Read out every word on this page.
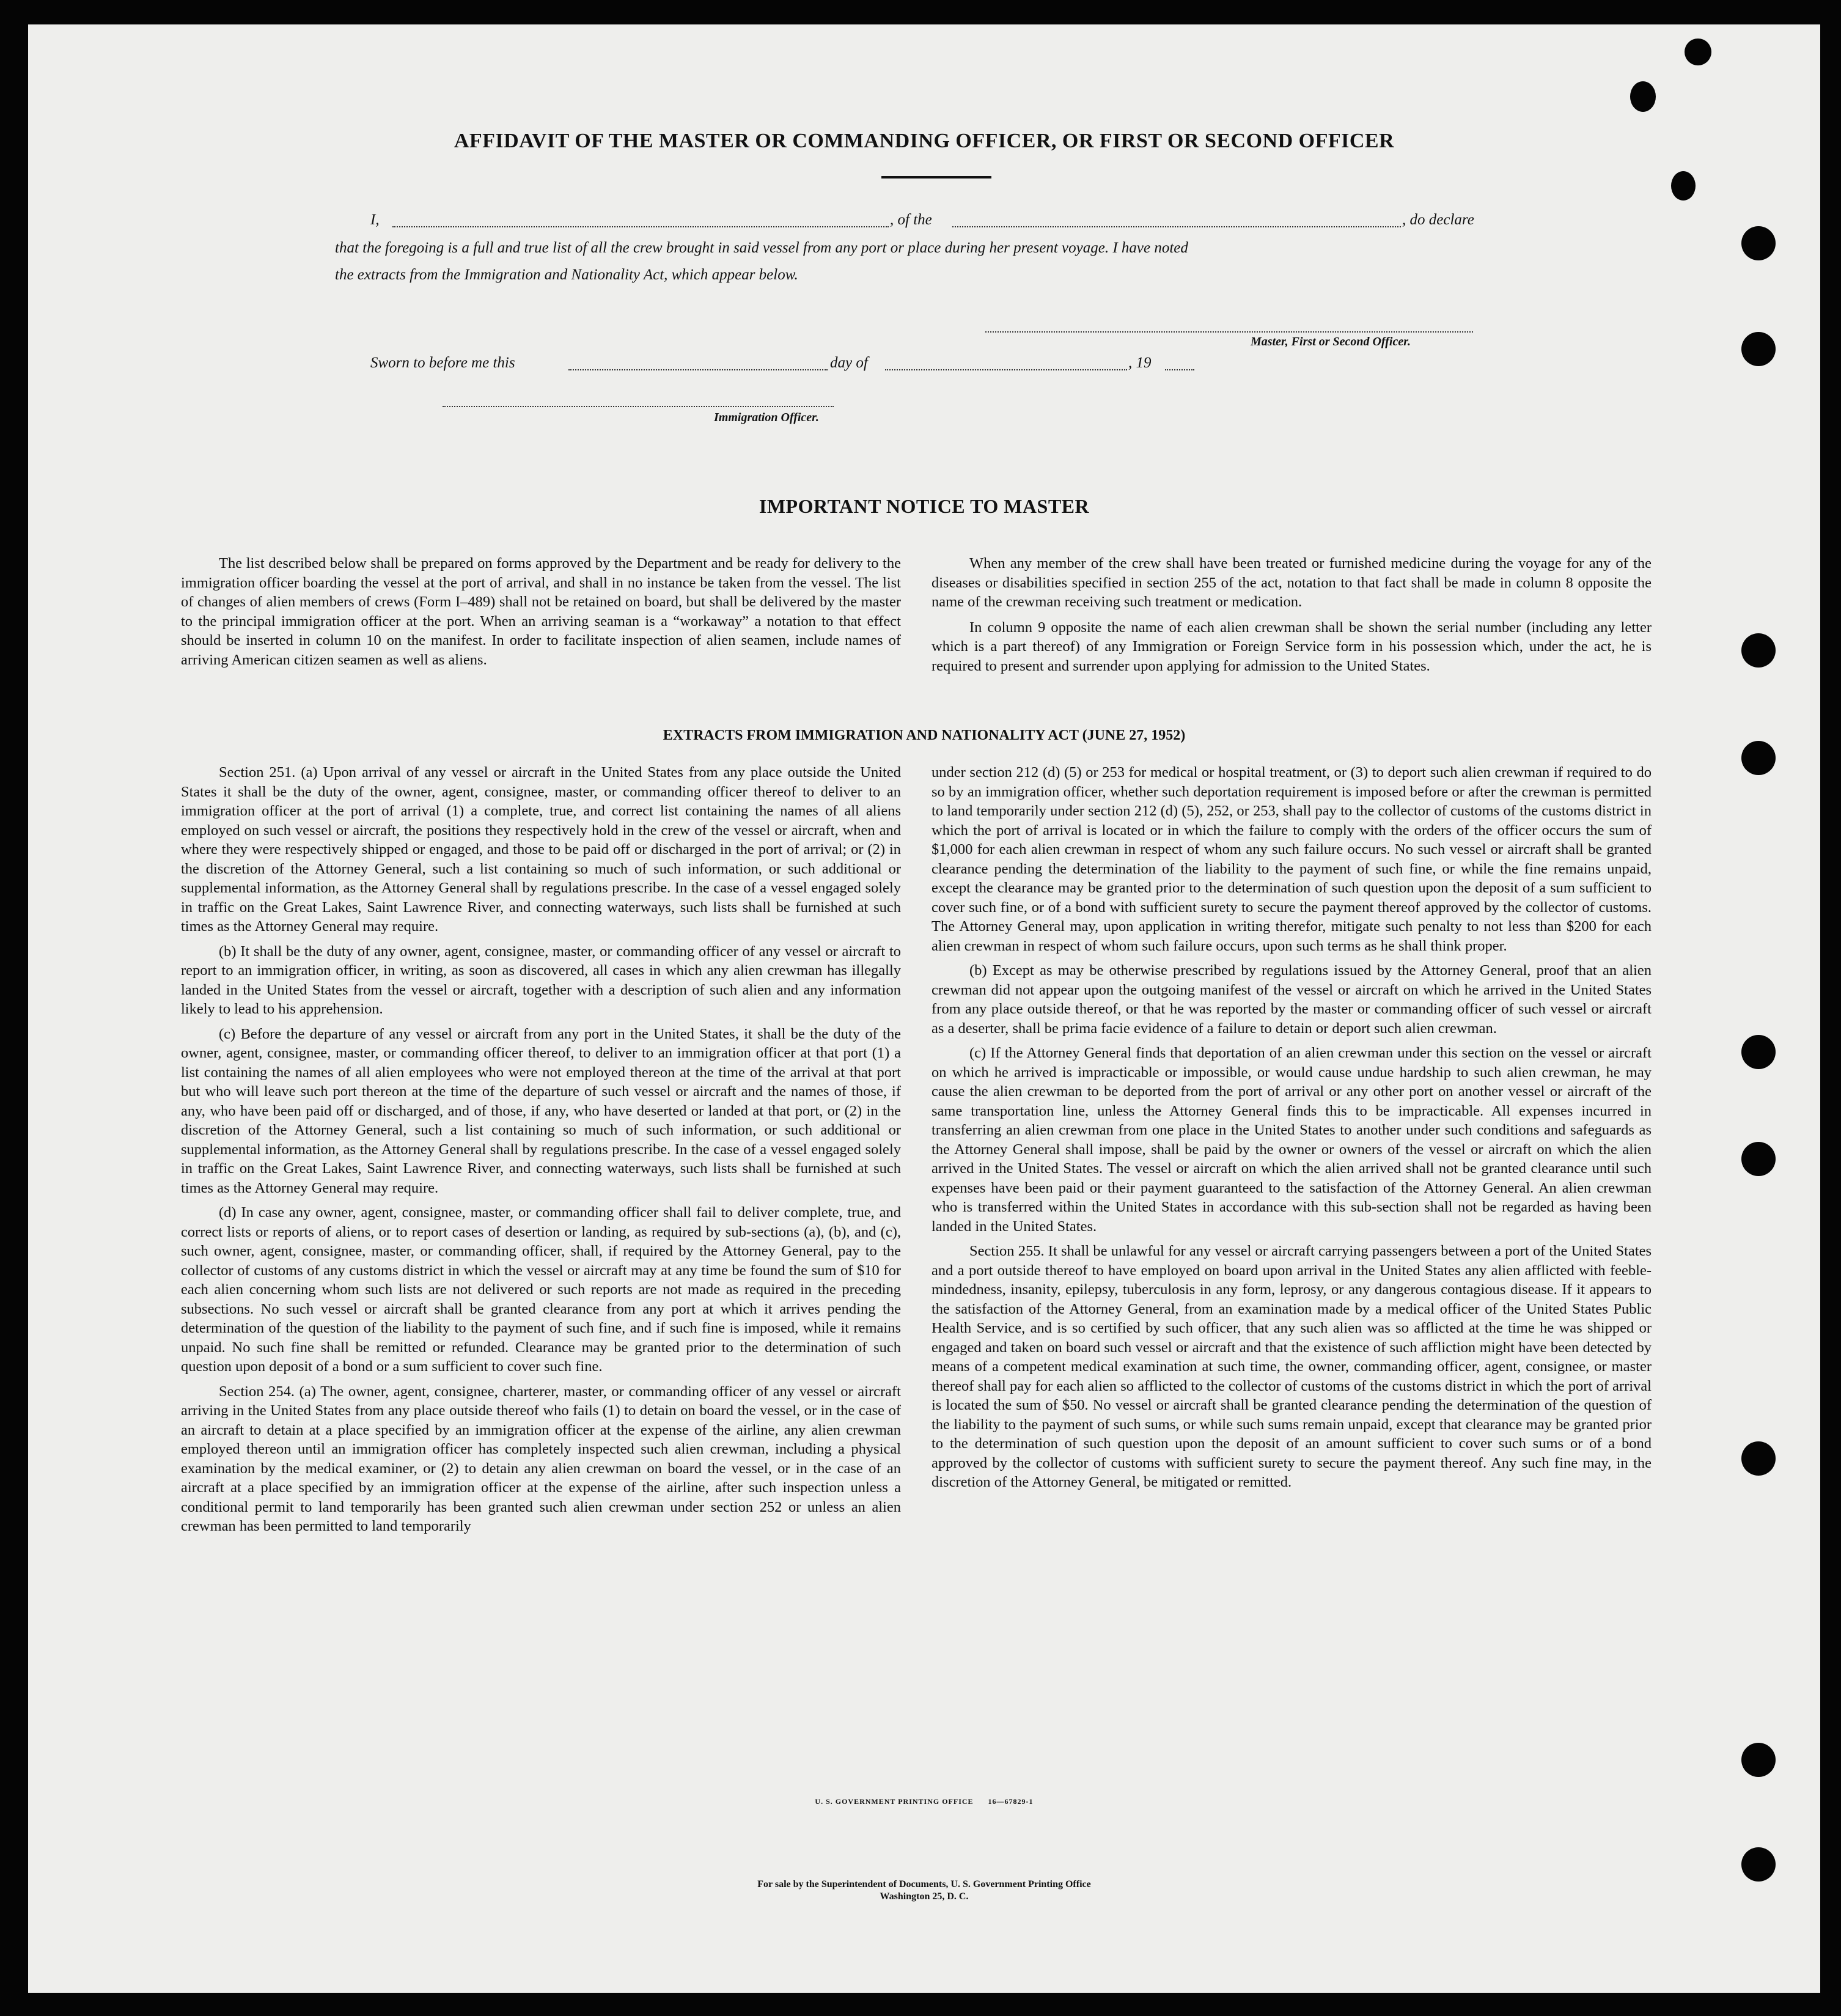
AFFIDAVIT OF THE MASTER OR COMMANDING OFFICER, OR FIRST OR SECOND OFFICER
I,	, of the	, do declare
that the foregoing is a full and true list of all the crew brought in said vessel from any port or place during her present voyage. I have noted
the extracts from the Immigration and Nationality Act, which appear below.
Master, First or Second Officer.
Sworn to before me this	day of	, 19
Immigration Officer.
IMPORTANT NOTICE TO MASTER

The list described below shall be prepared on forms approved by the Department and be ready for delivery to the immigration officer boarding the vessel at the port of arrival, and shall in no instance be taken from the vessel. The list of changes of alien members of crews (Form I–489) shall not be retained on board, but shall be delivered by the master to the principal immigration officer at the port. When an arriving seaman is a “workaway” a notation to that effect should be inserted in column 10 on the manifest. In order to facilitate inspection of alien seamen, include names of arriving American citizen seamen as well as aliens.

When any member of the crew shall have been treated or furnished medicine during the voyage for any of the diseases or disabilities specified in section 255 of the act, notation to that fact shall be made in column 8 opposite the name of the crewman receiving such treatment or medication.

In column 9 opposite the name of each alien crewman shall be shown the serial number (including any letter which is a part thereof) of any Immigration or Foreign Service form in his possession which, under the act, he is required to present and surrender upon applying for admission to the United States.

EXTRACTS FROM IMMIGRATION AND NATIONALITY ACT (JUNE 27, 1952)

Section 251. (a) Upon arrival of any vessel or aircraft in the United States from any place outside the United States it shall be the duty of the owner, agent, consignee, master, or commanding officer thereof to deliver to an immigration officer at the port of arrival (1) a complete, true, and correct list containing the names of all aliens employed on such vessel or aircraft, the positions they respectively hold in the crew of the vessel or aircraft, when and where they were respectively shipped or engaged, and those to be paid off or discharged in the port of arrival; or (2) in the discretion of the Attorney General, such a list containing so much of such information, or such additional or supplemental information, as the Attorney General shall by regulations prescribe. In the case of a vessel engaged solely in traffic on the Great Lakes, Saint Lawrence River, and connecting waterways, such lists shall be furnished at such times as the Attorney General may require.

(b) It shall be the duty of any owner, agent, consignee, master, or commanding officer of any vessel or aircraft to report to an immigration officer, in writing, as soon as discovered, all cases in which any alien crewman has illegally landed in the United States from the vessel or aircraft, together with a description of such alien and any information likely to lead to his apprehension.

(c) Before the departure of any vessel or aircraft from any port in the United States, it shall be the duty of the owner, agent, consignee, master, or commanding officer thereof, to deliver to an immigration officer at that port (1) a list containing the names of all alien employees who were not employed thereon at the time of the arrival at that port but who will leave such port thereon at the time of the departure of such vessel or aircraft and the names of those, if any, who have been paid off or discharged, and of those, if any, who have deserted or landed at that port, or (2) in the discretion of the Attorney General, such a list containing so much of such information, or such additional or supplemental information, as the Attorney General shall by regulations prescribe. In the case of a vessel engaged solely in traffic on the Great Lakes, Saint Lawrence River, and connecting waterways, such lists shall be furnished at such times as the Attorney General may require.

(d) In case any owner, agent, consignee, master, or commanding officer shall fail to deliver complete, true, and correct lists or reports of aliens, or to report cases of desertion or landing, as required by sub-sections (a), (b), and (c), such owner, agent, consignee, master, or commanding officer, shall, if required by the Attorney General, pay to the collector of customs of any customs district in which the vessel or aircraft may at any time be found the sum of $10 for each alien concerning whom such lists are not delivered or such reports are not made as required in the preceding subsections. No such vessel or aircraft shall be granted clearance from any port at which it arrives pending the determination of the question of the liability to the payment of such fine, and if such fine is imposed, while it remains unpaid. No such fine shall be remitted or refunded. Clearance may be granted prior to the determination of such question upon deposit of a bond or a sum sufficient to cover such fine.

Section 254. (a) The owner, agent, consignee, charterer, master, or commanding officer of any vessel or aircraft arriving in the United States from any place outside thereof who fails (1) to detain on board the vessel, or in the case of an aircraft to detain at a place specified by an immigration officer at the expense of the airline, any alien crewman employed thereon until an immigration officer has completely inspected such alien crewman, including a physical examination by the medical examiner, or (2) to detain any alien crewman on board the vessel, or in the case of an aircraft at a place specified by an immigration officer at the expense of the airline, after such inspection unless a conditional permit to land temporarily has been granted such alien crewman under section 252 or unless an alien crewman has been permitted to land temporarily

under section 212 (d) (5) or 253 for medical or hospital treatment, or (3) to deport such alien crewman if required to do so by an immigration officer, whether such deportation requirement is imposed before or after the crewman is permitted to land temporarily under section 212 (d) (5), 252, or 253, shall pay to the collector of customs of the customs district in which the port of arrival is located or in which the failure to comply with the orders of the officer occurs the sum of $1,000 for each alien crewman in respect of whom any such failure occurs. No such vessel or aircraft shall be granted clearance pending the determination of the liability to the payment of such fine, or while the fine remains unpaid, except the clearance may be granted prior to the determination of such question upon the deposit of a sum sufficient to cover such fine, or of a bond with sufficient surety to secure the payment thereof approved by the collector of customs. The Attorney General may, upon application in writing therefor, mitigate such penalty to not less than $200 for each alien crewman in respect of whom such failure occurs, upon such terms as he shall think proper.

(b) Except as may be otherwise prescribed by regulations issued by the Attorney General, proof that an alien crewman did not appear upon the outgoing manifest of the vessel or aircraft on which he arrived in the United States from any place outside thereof, or that he was reported by the master or commanding officer of such vessel or aircraft as a deserter, shall be prima facie evidence of a failure to detain or deport such alien crewman.

(c) If the Attorney General finds that deportation of an alien crewman under this section on the vessel or aircraft on which he arrived is impracticable or impossible, or would cause undue hardship to such alien crewman, he may cause the alien crewman to be deported from the port of arrival or any other port on another vessel or aircraft of the same transportation line, unless the Attorney General finds this to be impracticable. All expenses incurred in transferring an alien crewman from one place in the United States to another under such conditions and safeguards as the Attorney General shall impose, shall be paid by the owner or owners of the vessel or aircraft on which the alien arrived in the United States. The vessel or aircraft on which the alien arrived shall not be granted clearance until such expenses have been paid or their payment guaranteed to the satisfaction of the Attorney General. An alien crewman who is transferred within the United States in accordance with this sub-section shall not be regarded as having been landed in the United States.

Section 255. It shall be unlawful for any vessel or aircraft carrying passengers between a port of the United States and a port outside thereof to have employed on board upon arrival in the United States any alien afflicted with feeble-mindedness, insanity, epilepsy, tuberculosis in any form, leprosy, or any dangerous contagious disease. If it appears to the satisfaction of the Attorney General, from an examination made by a medical officer of the United States Public Health Service, and is so certified by such officer, that any such alien was so afflicted at the time he was shipped or engaged and taken on board such vessel or aircraft and that the existence of such affliction might have been detected by means of a competent medical examination at such time, the owner, commanding officer, agent, consignee, or master thereof shall pay for each alien so afflicted to the collector of customs of the customs district in which the port of arrival is located the sum of $50. No vessel or aircraft shall be granted clearance pending the determination of the question of the liability to the payment of such sums, or while such sums remain unpaid, except that clearance may be granted prior to the determination of such question upon the deposit of an amount sufficient to cover such sums or of a bond approved by the collector of customs with sufficient surety to secure the payment thereof. Any such fine may, in the discretion of the Attorney General, be mitigated or remitted.

U. S. GOVERNMENT PRINTING OFFICE      16—67829-1
For sale by the Superintendent of Documents, U. S. Government Printing Office
Washington 25, D. C.
